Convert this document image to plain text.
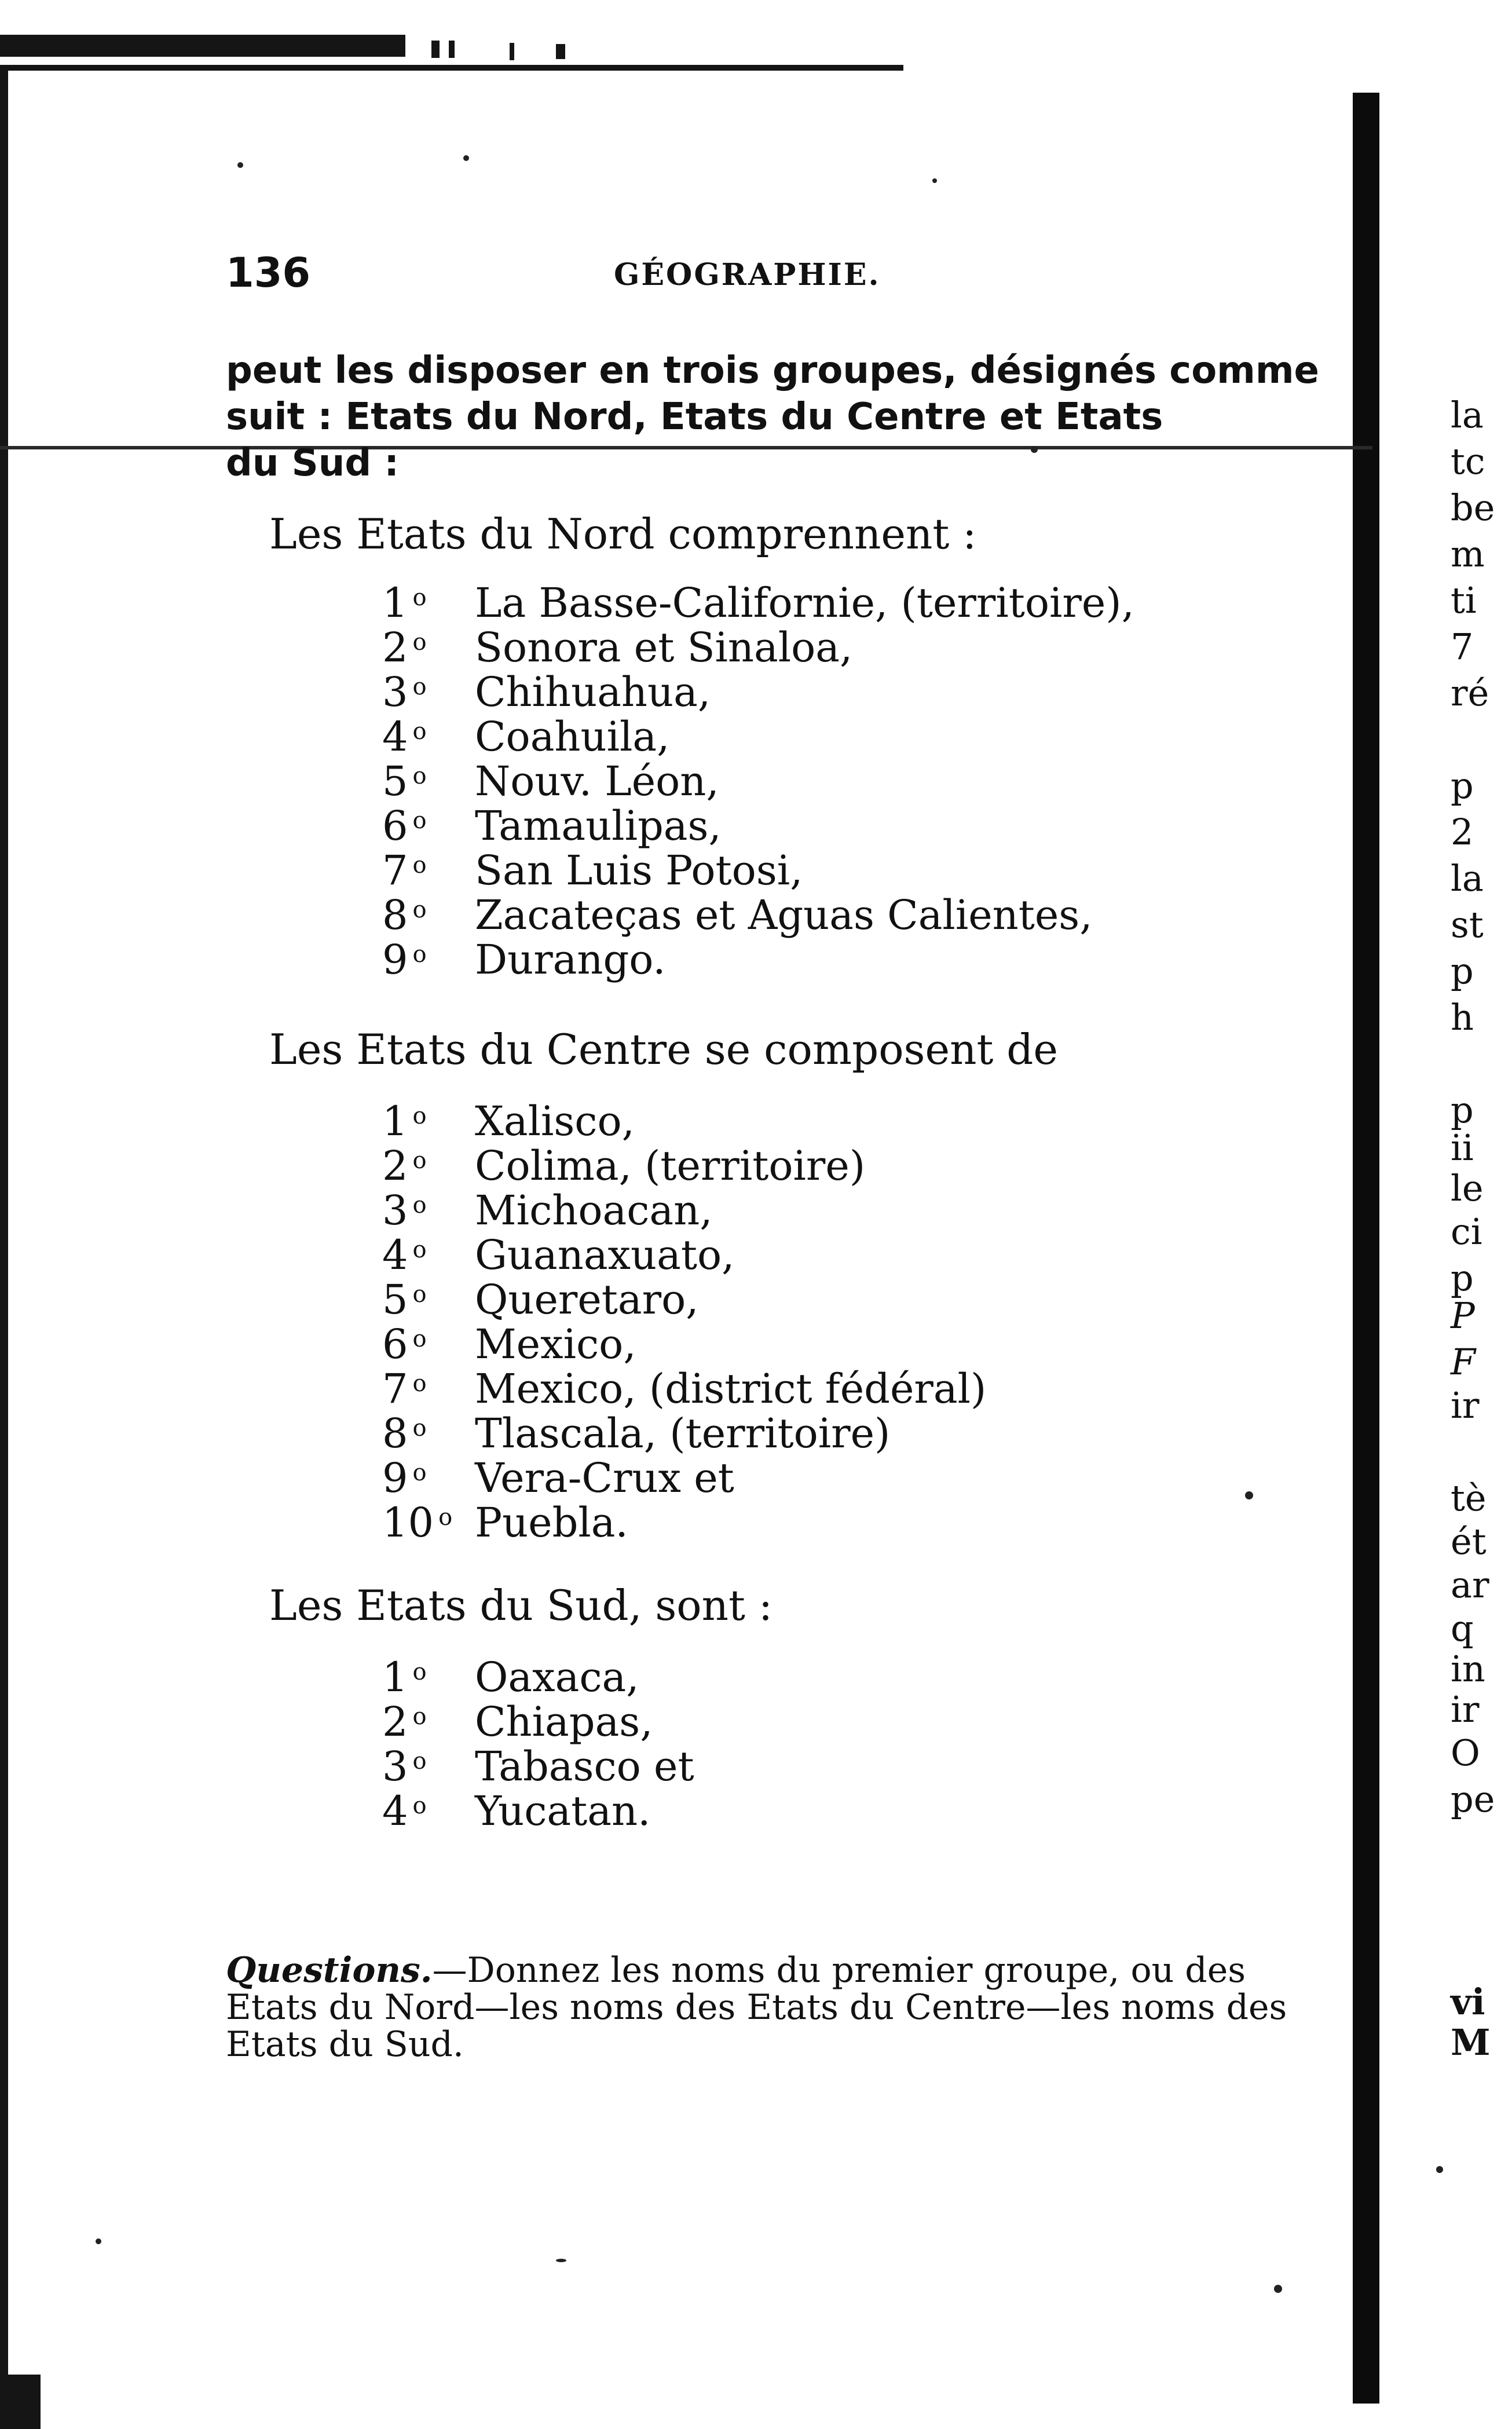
136	GÉOGRAPHIE.
peut les disposer en trois groupes, désignés comme
suit : Etats du Nord, Etats du Centre et Etats
du Sud :
Les Etats du Nord comprennent :
1 $^o$	La Basse-Californie, (territoire),
2 $^o$	Sonora et Sinaloa,
3 $^o$	Chihuahua,
4 $^o$	Coahuila,
5 $^o$	Nouv. Léon,
6 $^o$	Tamaulipas,
7 $^o$	San Luis Potosi,
8 $^o$	Zacateças et Aguas Calientes,
9 $^o$	Durango.
Les Etats du Centre se composent de
1 $^o$	Xalisco,
2 $^o$	Colima, (territoire)
3 $^o$	Michoacan,
4 $^o$	Guanaxuato,
5 $^o$	Queretaro,
6 $^o$	Mexico,
7 $^o$	Mexico, (district fédéral)
8 $^o$	Tlascala, (territoire)
9 $^o$	Vera-Crux et
10 $^o$ Puebla.
Les Etats du Sud, sont :
1 $^o$	Oaxaca,
2 $^o$	Chiapas,
3 $^o$	Tabasco et
4 $^o$	Yucatan.
Questions.—Donnez les noms du premier groupe, ou des
Etats du Nord—les noms des Etats du Centre—les noms des
Etats du Sud.
la
tc
be
m
ti
7
ré
p
2
la
st
p
h
p
ii
le
ci
p
P
F
ir
tè
ét
ar
q
in
ir
O
pe
vi
M
